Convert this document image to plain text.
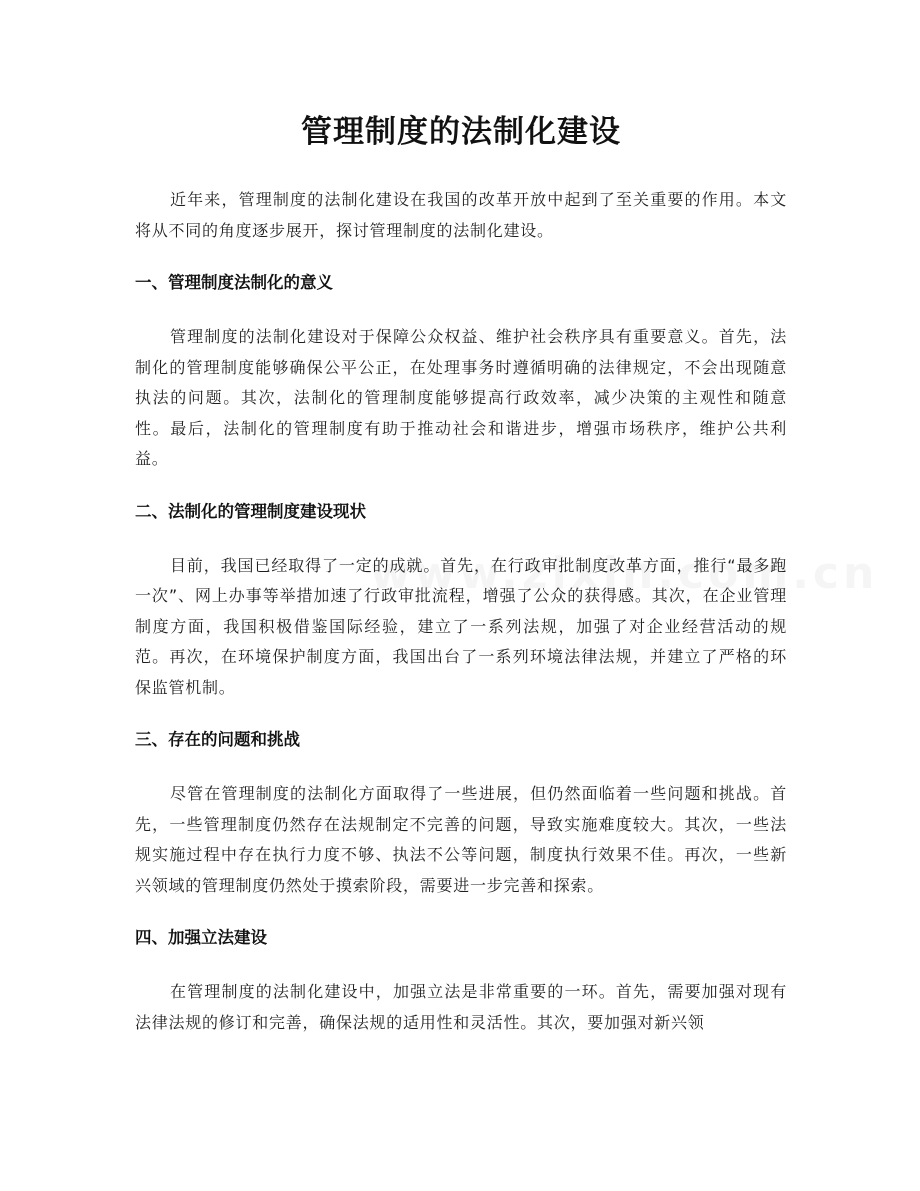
管理制度的法制化建设

近年来，管理制度的法制化建设在我国的改革开放中起到了至关重要的作用。本文将从不同的角度逐步展开，探讨管理制度的法制化建设。

一、管理制度法制化的意义

管理制度的法制化建设对于保障公众权益、维护社会秩序具有重要意义。首先，法制化的管理制度能够确保公平公正，在处理事务时遵循明确的法律规定，不会出现随意执法的问题。其次，法制化的管理制度能够提高行政效率，减少决策的主观性和随意性。最后，法制化的管理制度有助于推动社会和谐进步，增强市场秩序，维护公共利益。

二、法制化的管理制度建设现状

目前，我国已经取得了一定的成就。首先，在行政审批制度改革方面，推行“最多跑一次”、网上办事等举措加速了行政审批流程，增强了公众的获得感。其次，在企业管理制度方面，我国积极借鉴国际经验，建立了一系列法规，加强了对企业经营活动的规范。再次，在环境保护制度方面，我国出台了一系列环境法律法规，并建立了严格的环保监管机制。

三、存在的问题和挑战

尽管在管理制度的法制化方面取得了一些进展，但仍然面临着一些问题和挑战。首先，一些管理制度仍然存在法规制定不完善的问题，导致实施难度较大。其次，一些法规实施过程中存在执行力度不够、执法不公等问题，制度执行效果不佳。再次，一些新兴领域的管理制度仍然处于摸索阶段，需要进一步完善和探索。

四、加强立法建设

在管理制度的法制化建设中，加强立法是非常重要的一环。首先，需要加强对现有法律法规的修订和完善，确保法规的适用性和灵活性。其次，要加强对新兴领
